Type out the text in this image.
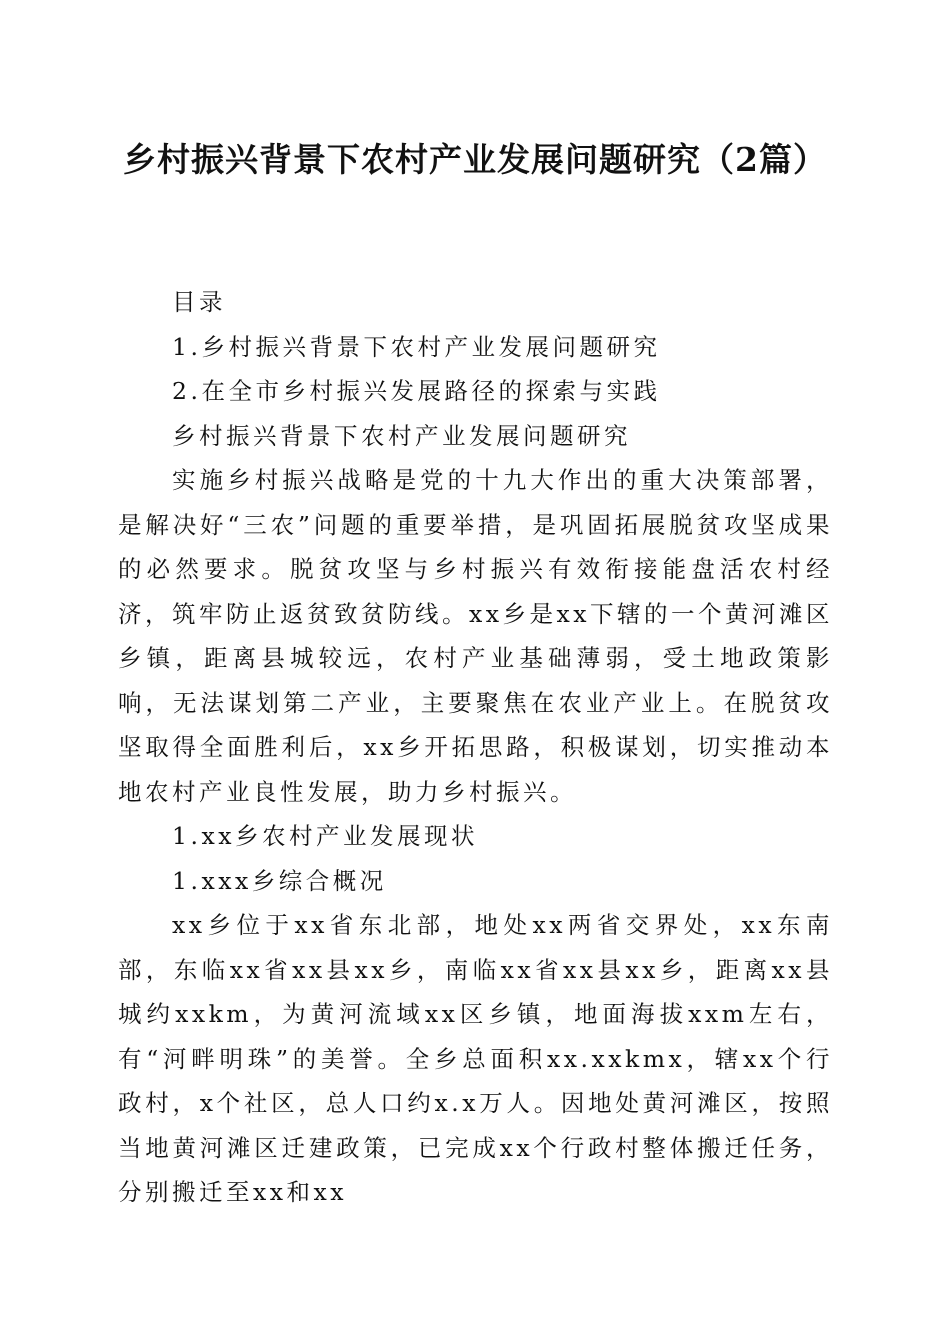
乡村振兴背景下农村产业发展问题研究（2篇）

目录

1.乡村振兴背景下农村产业发展问题研究

2.在全市乡村振兴发展路径的探索与实践

乡村振兴背景下农村产业发展问题研究

实施乡村振兴战略是党的十九大作出的重大决策部署，是解决好“三农”问题的重要举措，是巩固拓展脱贫攻坚成果的必然要求。脱贫攻坚与乡村振兴有效衔接能盘活农村经济，筑牢防止返贫致贫防线。xx乡是xx下辖的一个黄河滩区乡镇，距离县城较远，农村产业基础薄弱，受土地政策影响，无法谋划第二产业，主要聚焦在农业产业上。在脱贫攻坚取得全面胜利后，xx乡开拓思路，积极谋划，切实推动本地农村产业良性发展，助力乡村振兴。

1.xx乡农村产业发展现状

1.xxx乡综合概况

xx乡位于xx省东北部，地处xx两省交界处，xx东南部，东临xx省xx县xx乡，南临xx省xx县xx乡，距离xx县城约xxkm，为黄河流域xx区乡镇，地面海拔xxm左右，有“河畔明珠”的美誉。全乡总面积xx.xxkmx，辖xx个行政村，x个社区，总人口约x.x万人。因地处黄河滩区，按照当地黄河滩区迁建政策，已完成xx个行政村整体搬迁任务，分别搬迁至xx和xx
